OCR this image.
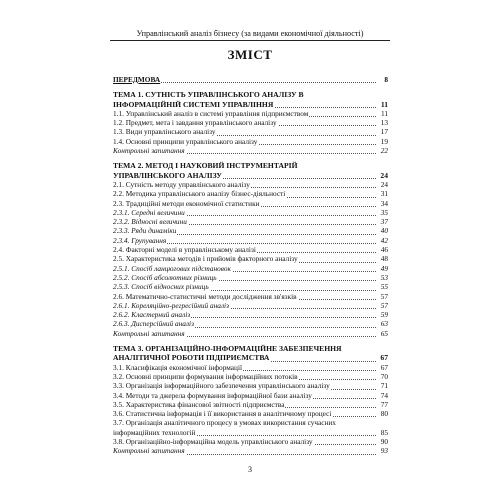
Управлінський аналіз бізнесу (за видами економічної діяльності)
ЗМІСТ
ПЕРЕДМОВА	8
ТЕМА 1. СУТНІСТЬ УПРАВЛІНСЬКОГО АНАЛІЗУ В
ІНФОРМАЦІЙНІЙ СИСТЕМІ УПРАВЛІННЯ	11
1.1. Управлінський аналіз в системі управління підприємством	11
1.2. Предмет, мета і завдання управлінського аналізу	13
1.3. Види управлінського аналізу	17
1.4. Основні принципи управлінського аналізу	19
Контрольні запитання	22
ТЕМА 2. МЕТОД І НАУКОВИЙ ІНСТРУМЕНТАРІЙ
УПРАВЛІНСЬКОГО АНАЛІЗУ	24
2.1. Сутність методу управлінського аналізу	24
2.2. Методика управлінського аналізу бізнес-діяльності	31
2.3. Традиційні методи економічної статистики	34
2.3.1. Середні величини	35
2.3.2. Відносні величини	37
2.3.3. Ряди динаміки	40
2.3.4. Групування	42
2.4. Факторні моделі в управлінському аналізі	46
2.5. Характеристика методів і прийомів факторного аналізу	48
2.5.1. Спосіб ланцюгових підстановок	49
2.5.2. Спосіб абсолютних різниць	53
2.5.3. Спосіб відносних різниць	55
2.6. Математично-статистичні методи дослідження зв'язків	57
2.6.1. Кореляційно-регресійний аналіз	57
2.6.2. Кластерний аналіз	59
2.6.3. Дисперсійний аналіз	63
Контрольні запитання	65
ТЕМА 3. ОРГАНІЗАЦІЙНО-ІНФОРМАЦІЙНЕ ЗАБЕЗПЕЧЕННЯ
АНАЛІТИЧНОЇ РОБОТИ ПІДПРИЄМСТВА	67
3.1. Класифікація економічної інформації	67
3.2. Основні принципи формування інформаційних потоків	70
3.3. Організація інформаційного забезпечення управлінського аналізу	71
3.4. Методи та джерела формування інформаційної бази аналізу	74
3.5. Характеристика фінансової звітності підприємства	77
3.6. Статистична інформація і її використання в аналітичному процесі	80
3.7. Організація аналітичного процесу в умовах використання сучасних
інформаційних технологій	85
3.8. Організаційно-інформаційна модель управлінського аналізу	90
Контрольні запитання	93
3
